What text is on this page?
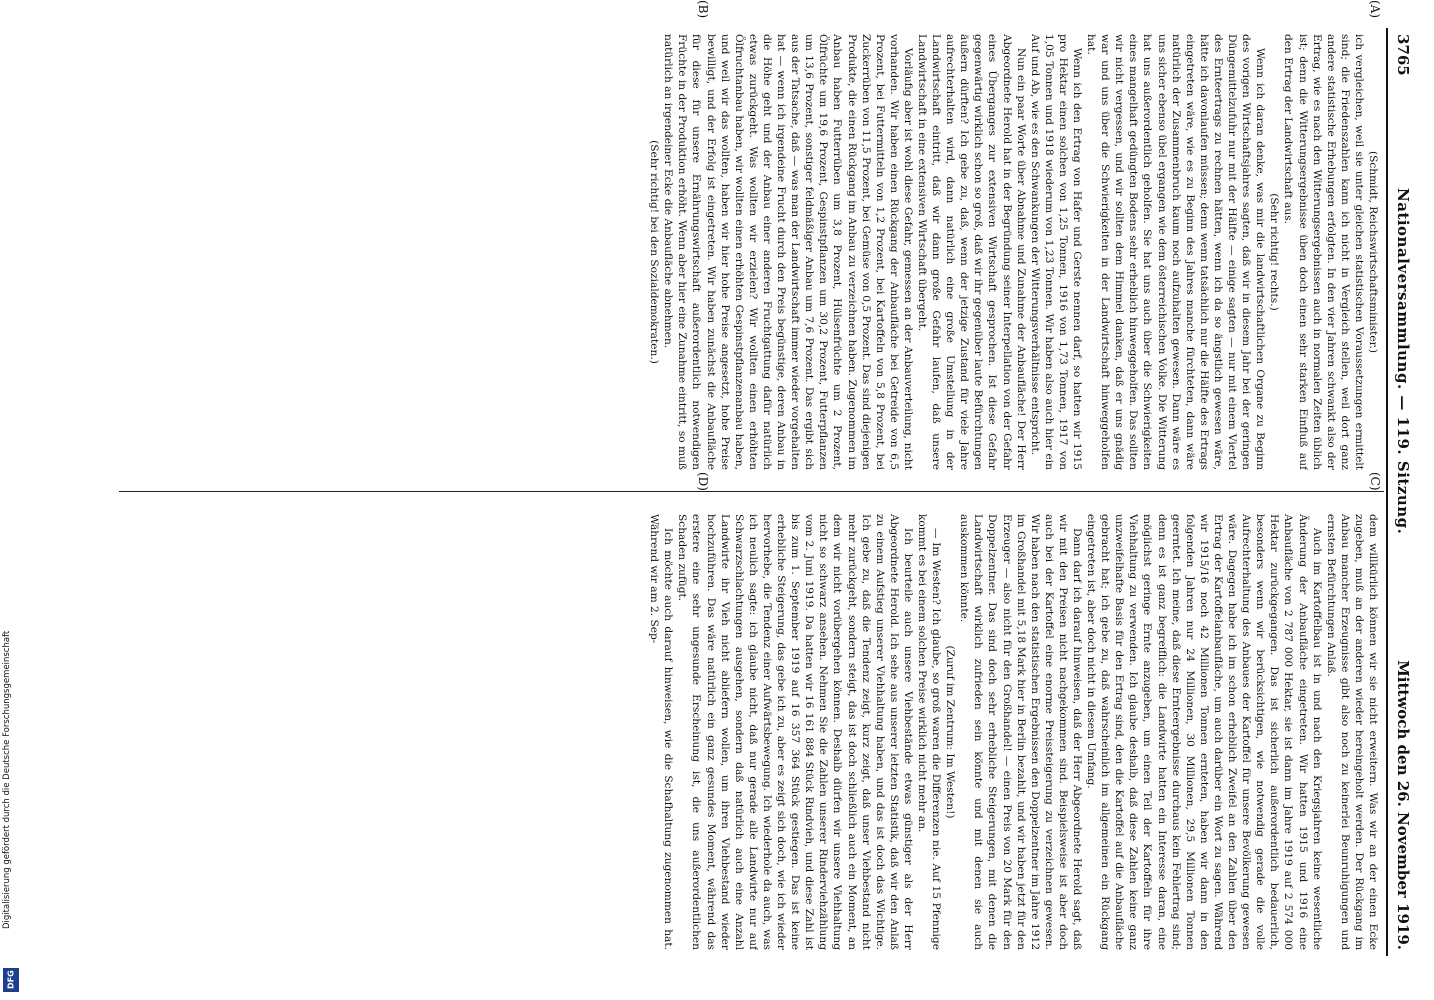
DFG
Digitalisierung gefördert durch die Deutsche Forschungsgemeinschaft
3765
Nationalversammlung. — 119. Sitzung.
Mittwoch den 26. November 1919.
(A)
(B)
(C)
(D)

(Schmidt, Reichswirtschaftsminister.)

ich vergleichen, weil sie unter gleichen statistischen Voraussetzungen ermittelt sind; die Friedenszahlen kann ich nicht in Vergleich stellen, weil dort ganz andere statistische Erhebungen erfolgten. In den vier Jahren schwankt also der Ertrag, wie es nach den Witterungsergebnissen auch in normalen Zeiten üblich ist; denn die Witterungsergebnisse üben doch einen sehr starken Einfluß auf den Ertrag der Landwirtschaft aus.

(Sehr richtig! rechts.)

Wenn ich daran denke, was mir die landwirtschaftlichen Organe zu Beginn des vorigen Wirtschaftsjahres sagten, daß wir in diesem Jahr bei der geringen Düngemittelzufuhr nur mit der Hälfte — einige sagten — nur mit einem Viertel des Ernteertrags zu rechnen hätten, wenn ich da so ängstlich gewesen wäre, hätte ich davonlaufen müssen; denn wenn tatsächlich nur die Hälfte des Ertrags eingetreten wäre, wie es zu Beginn des Jahres manche fürchteten, dann wäre natürlich der Zusammenbruch kaum noch aufzuhalten gewesen. Dann wäre es uns sicher ebenso übel ergangen wie dem österreichischen Volke. Die Witterung hat uns außerordentlich geholfen. Sie hat uns auch über die Schwierigkeiten eines mangelhaft gedüngten Bodens sehr erheblich hinweggeholfen. Das sollten wir nicht vergessen, und wir sollten dem Himmel danken, daß er uns gnädig war und uns über die Schwierigkeiten in der Landwirtschaft hinweggeholfen hat.

Wenn ich den Ertrag von Hafer und Gerste nennen darf, so hatten wir 1915 pro Hektar einen solchen von 1,25 Tonnen, 1916 von 1,73 Tonnen, 1917 von 1,05 Tonnen und 1918 wiederum von 1,23 Tonnen. Wir haben also auch hier ein Auf und Ab, wie es den Schwankungen der Witterungsverhältnisse entspricht.

Nun ein paar Worte über Abnahme und Zunahme der Anbaufläche! Der Herr Abgeordnete Herold hat in der Begründung seiner Interpellation von der Gefahr eines Überganges zur extensiven Wirtschaft gesprochen. Ist diese Gefahr gegenwärtig wirklich schon so groß, daß wir ihr gegenüber laute Befürchtungen äußern dürften? Ich gebe zu, daß, wenn der jetzige Zustand für viele Jahre aufrechterhalten wird, dann natürlich eine große Umstellung in der Landwirtschaft eintritt, daß wir dann große Gefahr laufen, daß unsere Landwirtschaft in eine extensiven Wirtschaft übergeht.

Vorläufig aber ist wohl diese Gefahr, gemessen an der Anbauverteilung, nicht vorhanden. Wir haben einen Rückgang der Anbaufläche bei Getreide von 6,5 Prozent, bei Futtermitteln von 1,2 Prozent, bei Kartoffeln von 5,8 Prozent, bei Zuckerrüben von 11,5 Prozent, bei Gemüse von 0,5 Prozent. Das sind diejenigen Produkte, die einen Rückgang im Anbau zu verzeichnen haben. Zugenommen im Anbau haben Futterrüben um 3,8 Prozent, Hülsenfrüchte um 2 Prozent, Ölfrüchte um 19,6 Prozent, Gespinstpflanzen um 30,2 Prozent, Futterpflanzen um 13,6 Prozent, sonstiger feldmäßiger Anbau um 7,6 Prozent. Das ergibt sich aus der Tatsache, daß — was man der Landwirtschaft immer wieder vorgehalten hat — wenn ich irgendeine Frucht durch den Preis begünstige, deren Anbau in die Höhe geht und der Anbau einer anderen Fruchtgattung dafür natürlich etwas zurückgeht. Was wollten wir erzielen? Wir wollten einen erhöhten Ölfruchtanbau haben, wir wollten einen erhöhten Gespinstpflanzenanbau haben, und weil wir das wollten, haben wir hier hohe Preise angesetzt, hohe Preise bewilligt, und der Erfolg ist eingetreten. Wir haben zunächst die Anbaufläche für diese für unsere Ernährungswirtschaft außerordentlich notwendigen Früchte in der Produktion erhöht. Wenn aber hier eine Zunahme eintritt, so muß natürlich an irgendeiner Ecke die Anbaufläche abnehmen.

(Sehr richtig! bei den Sozialdemokraten.)

dem willkürlich können wir sie nicht erweitern. Was wir an der einen Ecke zugeben, muß an der anderen wieder hereingeholt werden. Der Rückgang im Anbau mancher Erzeugnisse gibt also noch zu keinerlei Beunruhigungen und ernsten Befürchtungen Anlaß.

Auch im Kartoffelbau ist in und nach den Kriegsjahren keine wesentliche Änderung der Anbaufläche eingetreten. Wir hatten 1915 und 1916 eine Anbaufläche von 2 787 000 Hektar, sie ist dann im Jahre 1919 auf 2 574 000 Hektar zurückgegangen. Das ist sicherlich außerordentlich bedauerlich, besonders wenn wir berücksichtigen, wie notwendig gerade die volle Aufrechterhaltung des Anbaues der Kartoffel für unsere Bevölkerung gewesen wäre. Dagegen habe ich im schon erheblich Zweifel an den Zahlen über den Ertrag der Kartoffelanbaufläche, um auch darüber ein Wort zu sagen. Während wir 1915/16 noch 42 Millionen Tonnen ernteten, haben wir dann in den folgenden Jahren nur 24 Millionen, 30 Millionen, 29,5 Millionen Tonnen geerntet. Ich meine, daß diese Ernteergebnisse durchaus kein Fehlertrag sind; denn es ist ganz begreiflich: die Landwirte hatten ein Interesse daran, eine möglichst geringe Ernte anzugeben, um einen Teil der Kartoffeln für ihre Viehhaltung zu verwenden. Ich glaube deshalb, daß diese Zahlen keine ganz unzweifelhafte Basis für den Ertrag sind, den die Kartoffel auf die Anbaufläche gebracht hat; ich gebe zu, daß wahrscheinlich im allgemeinen ein Rückgang eingetreten ist, aber doch nicht in diesem Umfang.

Dann darf ich darauf hinweisen, daß der Herr Abgeordnete Herold sagt, daß wir mit den Preisen nicht nachgekommen sind. Beispielsweise ist aber doch auch bei der Kartoffel eine enorme Preissteigerung zu verzeichnen gewesen. Wir haben nach den statistischen Ergebnissen den Doppelzentner im Jahre 1912 im Großhandel mit 5,18 Mark hier in Berlin bezahlt, und wir haben jetzt für den Erzeuger — also nicht für den Großhandel! — einen Preis von 20 Mark für den Doppelzentner. Das sind doch sehr erhebliche Steigerungen, mit denen die Landwirtschaft wirklich zufrieden sein könnte und mit denen sie auch auskommen könnte.

(Zuruf im Zentrum: Im Westen!)

— Im Westen? Ich glaube, so groß waren die Differenzen nie. Auf 15 Pfennige kommt es bei einem solchen Preise wirklich nicht mehr an.

Ich beurteile auch unsere Viehbestände etwas günstiger als der Herr Abgeordnete Herold. Ich sehe aus unserer letzten Statistik, daß wir den Anlaß zu einem Aufstieg unserer Viehhaltung haben, und das ist doch das Wichtige. Ich gebe zu, daß die Tendenz zeigt, kurz zeigt, daß unser Viehbestand nicht mehr zurückgeht, sondern steigt, das ist doch schließlich auch ein Moment, an dem wir nicht vorübergehen können. Deshalb dürfen wir unsere Viehhaltung nicht so schwarz ansehen. Nehmen Sie die Zahlen unserer Rinderviehzählung vom 2. Juni 1919. Da hatten wir 16 161 884 Stück Rindvieh, und diese Zahl ist bis zum 1. September 1919 auf 16 357 364 Stück gestiegen. Das ist keine erhebliche Steigerung, das gebe ich zu, aber es zeigt sich doch, wie ich wieder hervorhebe, die Tendenz einer Aufwärtsbewegung. Ich wiederhole da auch, was ich neulich sagte: ich glaube nicht, daß nur gerade alle Landwirte nur auf Schwarzschlachtungen ausgehen, sondern daß natürlich auch eine Anzahl Landwirte ihr Vieh nicht abliefern wollen, um ihren Viehbestand wieder hochzuführen. Das wäre natürlich ein ganz gesundes Moment, während das erstere eine sehr ungesunde Erscheinung ist, die uns außerordentlichen Schaden zufügt.

Ich möchte auch darauf hinweisen, wie die Schafhaltung zugenommen hat. Während wir am 2. Sep-
